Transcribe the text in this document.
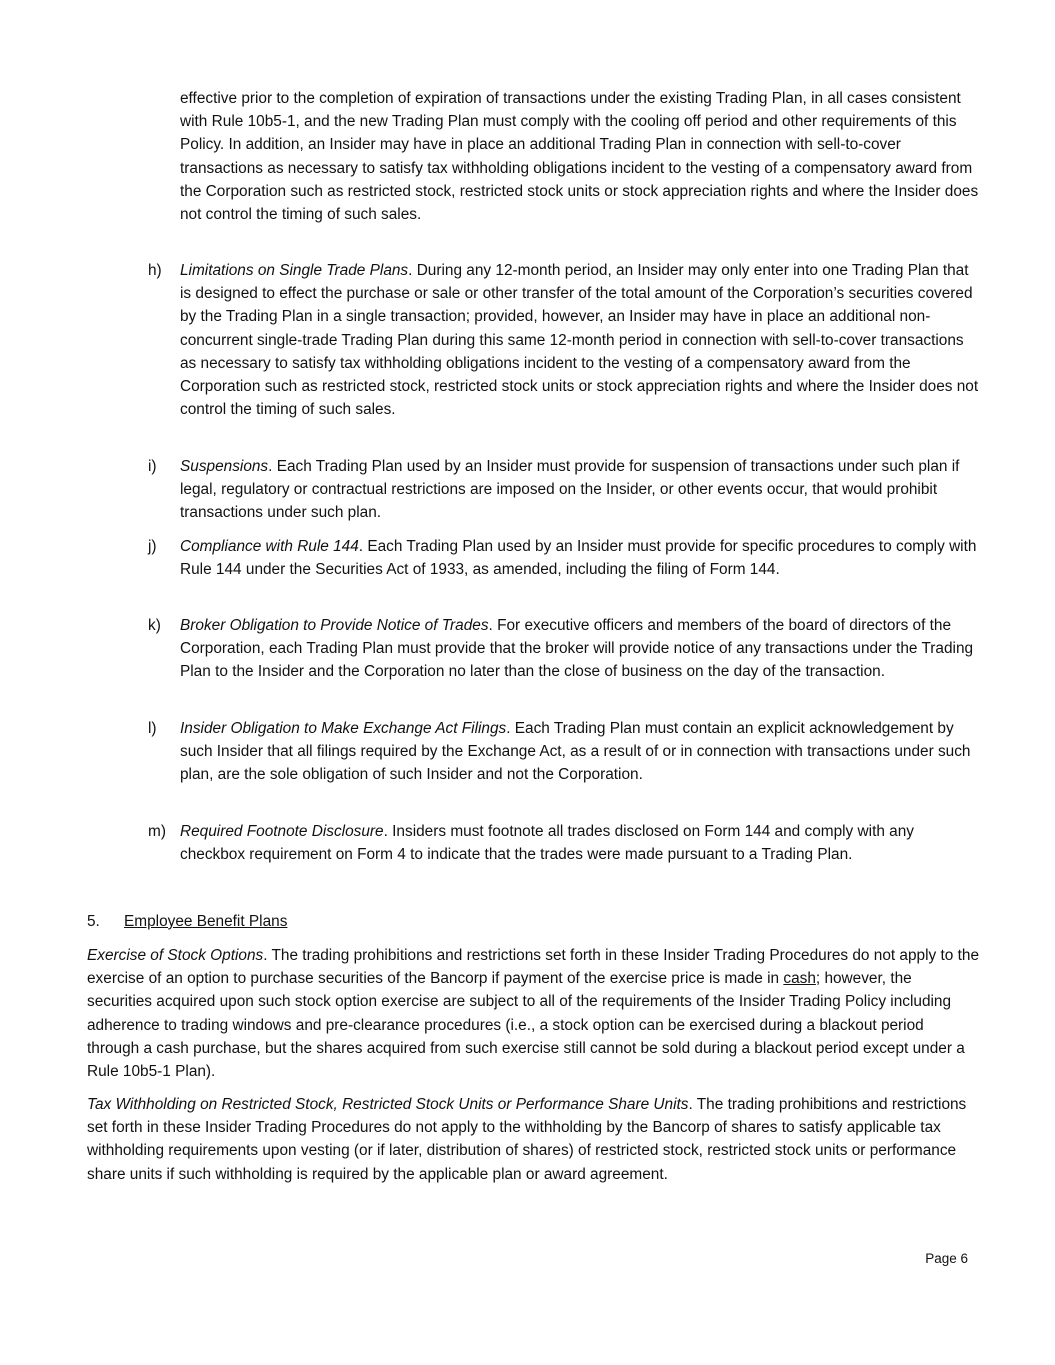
effective prior to the completion of expiration of transactions under the existing Trading Plan, in all cases consistent with Rule 10b5-1, and the new Trading Plan must comply with the cooling off period and other requirements of this Policy. In addition, an Insider may have in place an additional Trading Plan in connection with sell-to-cover transactions as necessary to satisfy tax withholding obligations incident to the vesting of a compensatory award from the Corporation such as restricted stock, restricted stock units or stock appreciation rights and where the Insider does not control the timing of such sales.

h) Limitations on Single Trade Plans. During any 12-month period, an Insider may only enter into one Trading Plan that is designed to effect the purchase or sale or other transfer of the total amount of the Corporation’s securities covered by the Trading Plan in a single transaction; provided, however, an Insider may have in place an additional non-concurrent single-trade Trading Plan during this same 12-month period in connection with sell-to-cover transactions as necessary to satisfy tax withholding obligations incident to the vesting of a compensatory award from the Corporation such as restricted stock, restricted stock units or stock appreciation rights and where the Insider does not control the timing of such sales.
i) Suspensions. Each Trading Plan used by an Insider must provide for suspension of transactions under such plan if legal, regulatory or contractual restrictions are imposed on the Insider, or other events occur, that would prohibit transactions under such plan.
j) Compliance with Rule 144. Each Trading Plan used by an Insider must provide for specific procedures to comply with Rule 144 under the Securities Act of 1933, as amended, including the filing of Form 144.
k) Broker Obligation to Provide Notice of Trades. For executive officers and members of the board of directors of the Corporation, each Trading Plan must provide that the broker will provide notice of any transactions under the Trading Plan to the Insider and the Corporation no later than the close of business on the day of the transaction.
l) Insider Obligation to Make Exchange Act Filings. Each Trading Plan must contain an explicit acknowledgement by such Insider that all filings required by the Exchange Act, as a result of or in connection with transactions under such plan, are the sole obligation of such Insider and not the Corporation.
m) Required Footnote Disclosure. Insiders must footnote all trades disclosed on Form 144 and comply with any checkbox requirement on Form 4 to indicate that the trades were made pursuant to a Trading Plan.

5. Employee Benefit Plans

Exercise of Stock Options. The trading prohibitions and restrictions set forth in these Insider Trading Procedures do not apply to the exercise of an option to purchase securities of the Bancorp if payment of the exercise price is made in cash; however, the securities acquired upon such stock option exercise are subject to all of the requirements of the Insider Trading Policy including adherence to trading windows and pre-clearance procedures (i.e., a stock option can be exercised during a blackout period through a cash purchase, but the shares acquired from such exercise still cannot be sold during a blackout period except under a Rule 10b5-1 Plan).

Tax Withholding on Restricted Stock, Restricted Stock Units or Performance Share Units. The trading prohibitions and restrictions set forth in these Insider Trading Procedures do not apply to the withholding by the Bancorp of shares to satisfy applicable tax withholding requirements upon vesting (or if later, distribution of shares) of restricted stock, restricted stock units or performance share units if such withholding is required by the applicable plan or award agreement.

Page 6
